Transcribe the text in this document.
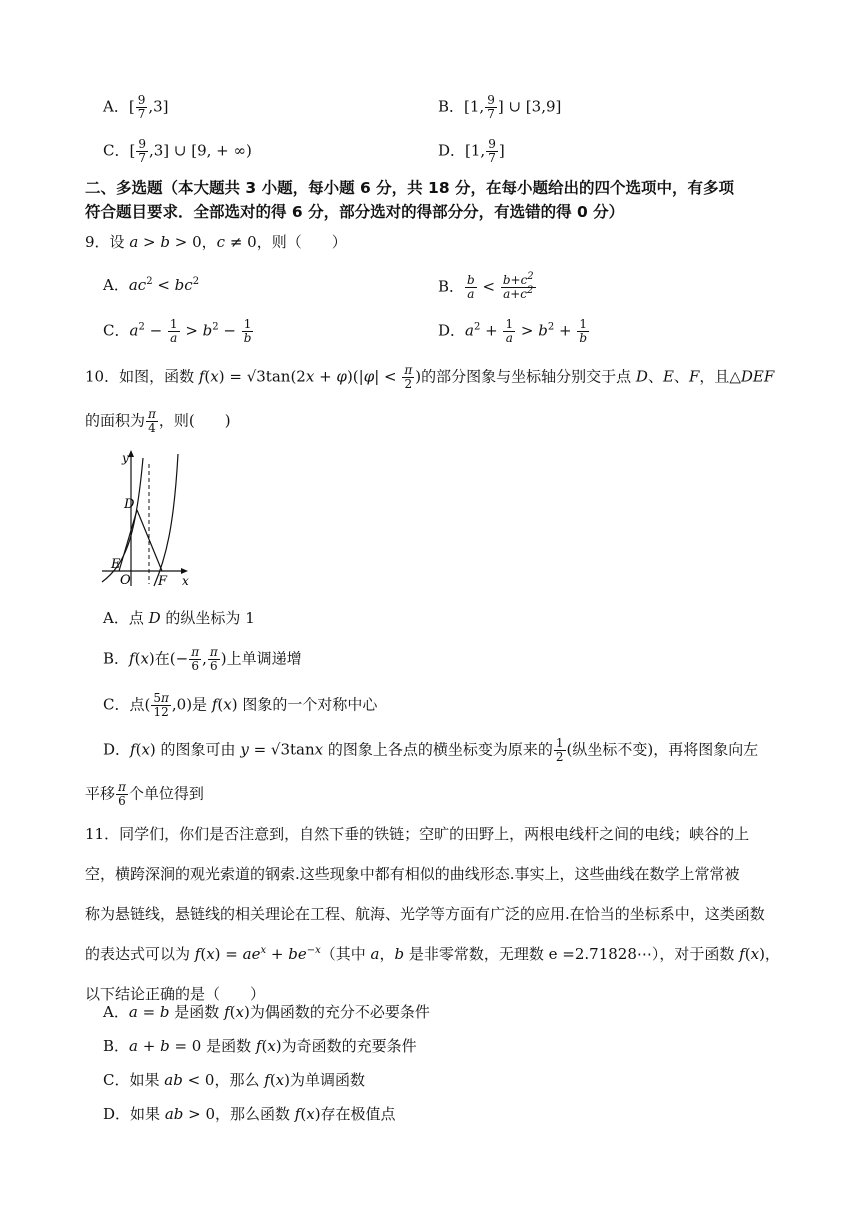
A．[ $\frac{9}{7} ,3$]	B．[1, $\frac{9}{7}$ ] ∪ [3,9]
C．[ $\frac{9}{7} ,3$] ∪ [9, + ∞)	D．[1, $\frac{9}{7}$ ]
二、多选题（本大题共 3 小题，每小题 6 分，共 18 分，在每小题给出的四个选项中，有多项
符合题目要求．全部选对的得 6 分，部分选对的得部分分，有选错的得 0 分）
9．设 a > b > 0，c ≠ 0，则（　　）
A．$ac^2 < bc^2$	B． $\frac{b}{a} < \frac{b+c^2}{a+c^2}$
C．$a^2 - \frac{1}{a} > b^2 - \frac{1}{b}$	D．$a^2 + \frac{1}{a} > b^2 + \frac{1}{b}$
10．如图，函数 $f(x) = √3\tan(2x + \varphi)(|\varphi| < \frac{\pi}{2}$ )的部分图象与坐标轴分别交于点 D、E、F，且△DEF
的面积为 $\frac{\pi}{4}$ ，则(　　)
y
D
E
O F x
A．点 D 的纵坐标为 1
B．f(x)在(− $\frac{\pi}{6}$ , $\frac{\pi}{6}$ )上单调递增
C．点( $\frac{5\pi}{12} ,0$)是 f(x) 图象的一个对称中心
D．f(x) 的图象可由 y = √3tanx 的图象上各点的横坐标变为原来的 $\frac{1}{2}$ (纵坐标不变)，再将图象向左
平移 $\frac{\pi}{6}$ 个单位得到
11．同学们，你们是否注意到，自然下垂的铁链；空旷的田野上，两根电线杆之间的电线；峡谷的上
空，横跨深涧的观光索道的钢索.这些现象中都有相似的曲线形态.事实上，这些曲线在数学上常常被
称为悬链线，悬链线的相关理论在工程、航海、光学等方面有广泛的应用.在恰当的坐标系中，这类函数
的表达式可以为 $f(x) = ae^x + be^{-x}$（其中 a，b 是非零常数，无理数 e =2.71828⋯），对于函数 f(x)，
以下结论正确的是（　　）
A．a = b 是函数 f(x)为偶函数的充分不必要条件
B．a + b = 0 是函数 f(x)为奇函数的充要条件
C．如果 ab < 0，那么 f(x)为单调函数
D．如果 ab > 0，那么函数 f(x)存在极值点
